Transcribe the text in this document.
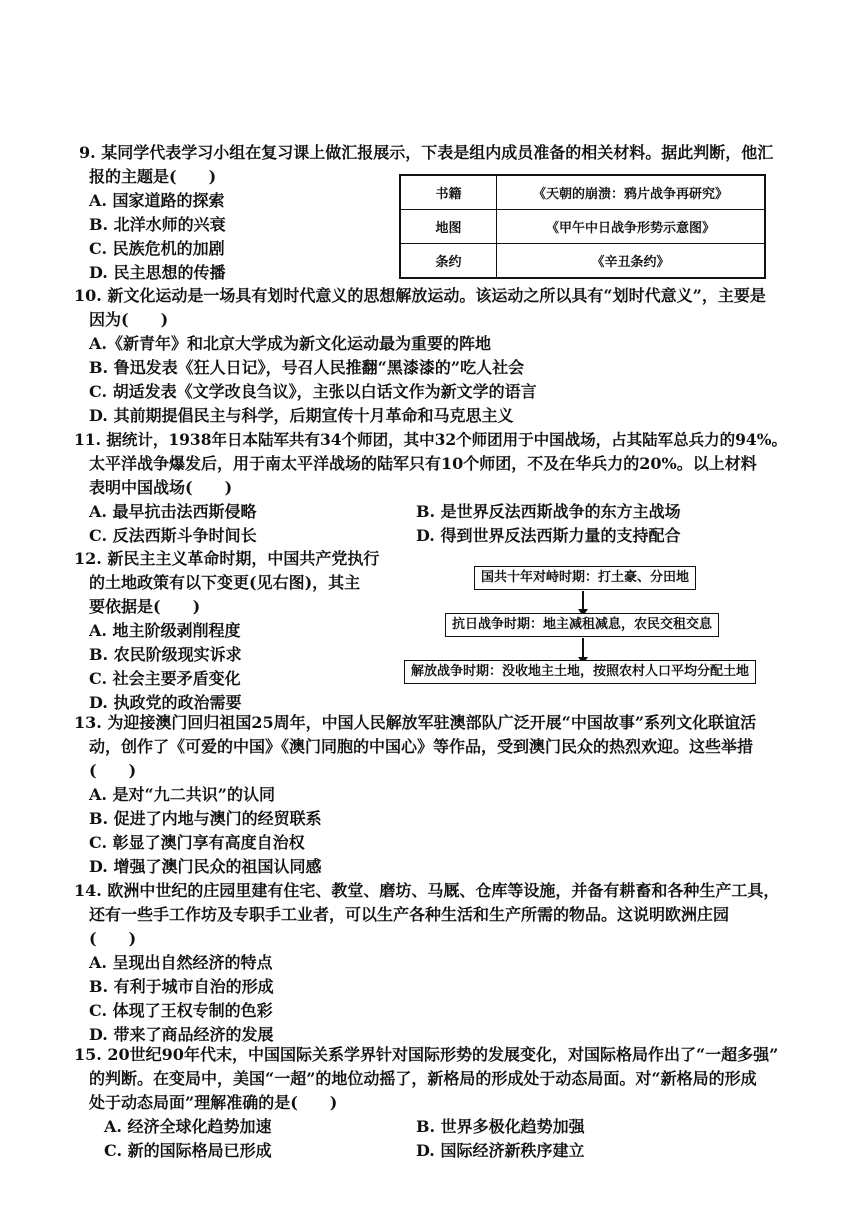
9. 某同学代表学习小组在复习课上做汇报展示，下表是组内成员准备的相关材料。据此判断，他汇
报的主题是(　　)
A. 国家道路的探索
B. 北洋水师的兴衰
C. 民族危机的加剧
D. 民主思想的传播
书籍	《天朝的崩溃：鸦片战争再研究》
地图	《甲午中日战争形势示意图》
条约	《辛丑条约》
10. 新文化运动是一场具有划时代意义的思想解放运动。该运动之所以具有“划时代意义”，主要是
因为(　　)
A.《新青年》和北京大学成为新文化运动最为重要的阵地
B. 鲁迅发表《狂人日记》，号召人民推翻“黑漆漆的”吃人社会
C. 胡适发表《文学改良刍议》，主张以白话文作为新文学的语言
D. 其前期提倡民主与科学，后期宣传十月革命和马克思主义
11. 据统计，1938年日本陆军共有34个师团，其中32个师团用于中国战场，占其陆军总兵力的94%。
太平洋战争爆发后，用于南太平洋战场的陆军只有10个师团，不及在华兵力的20%。以上材料
表明中国战场(　　)
A. 最早抗击法西斯侵略	B. 是世界反法西斯战争的东方主战场
C. 反法西斯斗争时间长	D. 得到世界反法西斯力量的支持配合
12. 新民主主义革命时期，中国共产党执行
的土地政策有以下变更(见右图)，其主
要依据是(　　)
A. 地主阶级剥削程度
B. 农民阶级现实诉求
C. 社会主要矛盾变化
D. 执政党的政治需要
国共十年对峙时期：打土豪、分田地
抗日战争时期：地主减租减息，农民交租交息
解放战争时期：没收地主土地，按照农村人口平均分配土地
13. 为迎接澳门回归祖国25周年，中国人民解放军驻澳部队广泛开展“中国故事”系列文化联谊活
动，创作了《可爱的中国》《澳门同胞的中国心》等作品，受到澳门民众的热烈欢迎。这些举措
(　　)
A. 是对“九二共识”的认同
B. 促进了内地与澳门的经贸联系
C. 彰显了澳门享有高度自治权
D. 增强了澳门民众的祖国认同感
14. 欧洲中世纪的庄园里建有住宅、教堂、磨坊、马厩、仓库等设施，并备有耕畜和各种生产工具，
还有一些手工作坊及专职手工业者，可以生产各种生活和生产所需的物品。这说明欧洲庄园
(　　)
A. 呈现出自然经济的特点
B. 有利于城市自治的形成
C. 体现了王权专制的色彩
D. 带来了商品经济的发展
15. 20世纪90年代末，中国国际关系学界针对国际形势的发展变化，对国际格局作出了“一超多强”
的判断。在变局中，美国“一超”的地位动摇了，新格局的形成处于动态局面。对“新格局的形成
处于动态局面”理解准确的是(　　)
A. 经济全球化趋势加速	B. 世界多极化趋势加强
C. 新的国际格局已形成	D. 国际经济新秩序建立
